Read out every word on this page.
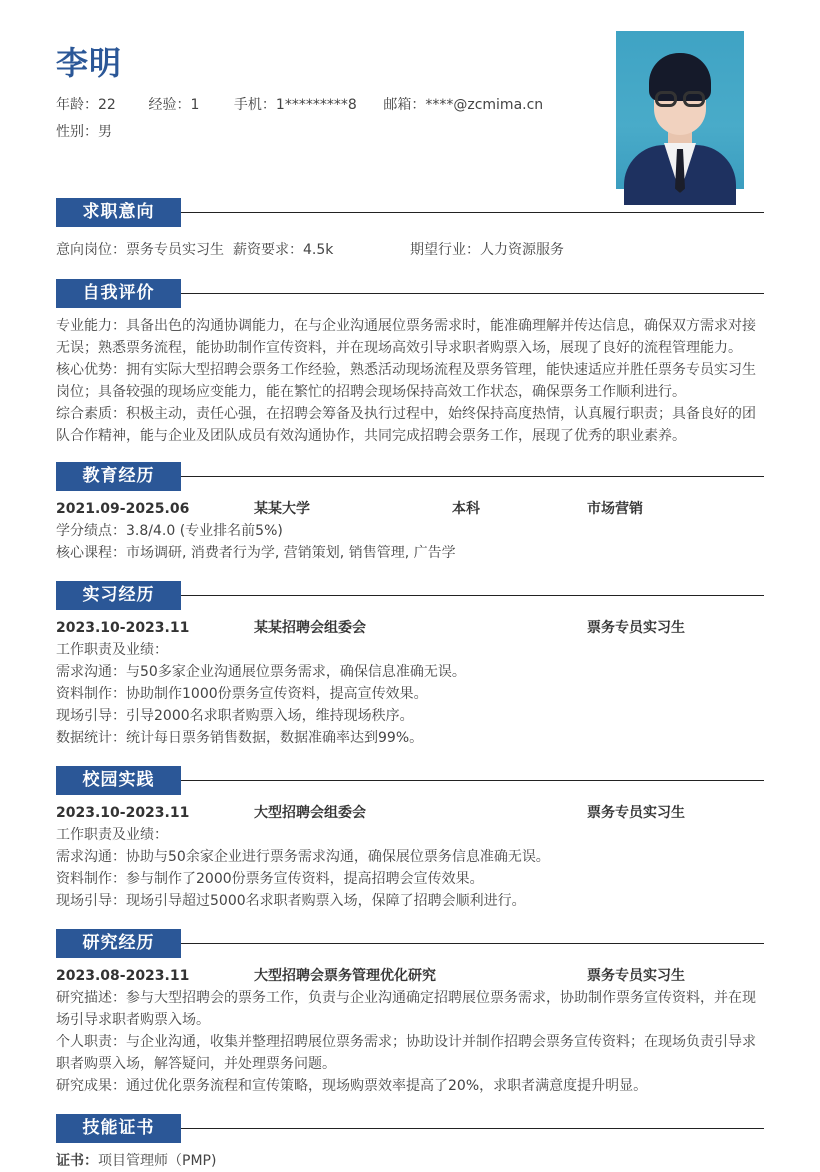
李明
年龄：22 经验：1 手机：1*********8 邮箱：****@zcmima.cn
性别：男
求职意向
意向岗位：票务专员实习生 薪资要求：4.5k	期望行业：人力资源服务
自我评价
专业能力：具备出色的沟通协调能力，在与企业沟通展位票务需求时，能准确理解并传达信息，确保双方需求对接无误；熟悉票务流程，能协助制作宣传资料，并在现场高效引导求职者购票入场，展现了良好的流程管理能力。
核心优势：拥有实际大型招聘会票务工作经验，熟悉活动现场流程及票务管理，能快速适应并胜任票务专员实习生岗位；具备较强的现场应变能力，能在繁忙的招聘会现场保持高效工作状态，确保票务工作顺利进行。
综合素质：积极主动，责任心强，在招聘会筹备及执行过程中，始终保持高度热情，认真履行职责；具备良好的团队合作精神，能与企业及团队成员有效沟通协作，共同完成招聘会票务工作，展现了优秀的职业素养。
教育经历
2021.09-2025.06	某某大学	本科	市场营销
学分绩点：3.8/4.0 (专业排名前5%)
核心课程：市场调研, 消费者行为学, 营销策划, 销售管理, 广告学
实习经历
2023.10-2023.11	某某招聘会组委会	票务专员实习生
工作职责及业绩：
需求沟通：与50多家企业沟通展位票务需求，确保信息准确无误。
资料制作：协助制作1000份票务宣传资料，提高宣传效果。
现场引导：引导2000名求职者购票入场，维持现场秩序。
数据统计：统计每日票务销售数据，数据准确率达到99%。
校园实践
2023.10-2023.11	大型招聘会组委会	票务专员实习生
工作职责及业绩：
需求沟通：协助与50余家企业进行票务需求沟通，确保展位票务信息准确无误。
资料制作：参与制作了2000份票务宣传资料，提高招聘会宣传效果。
现场引导：现场引导超过5000名求职者购票入场，保障了招聘会顺利进行。
研究经历
2023.08-2023.11	大型招聘会票务管理优化研究	票务专员实习生
研究描述：参与大型招聘会的票务工作，负责与企业沟通确定招聘展位票务需求，协助制作票务宣传资料，并在现场引导求职者购票入场。
个人职责：与企业沟通，收集并整理招聘展位票务需求；协助设计并制作招聘会票务宣传资料；在现场负责引导求职者购票入场，解答疑问，并处理票务问题。
研究成果：通过优化票务流程和宣传策略，现场购票效率提高了20%，求职者满意度提升明显。
技能证书
证书：项目管理师（PMP)
